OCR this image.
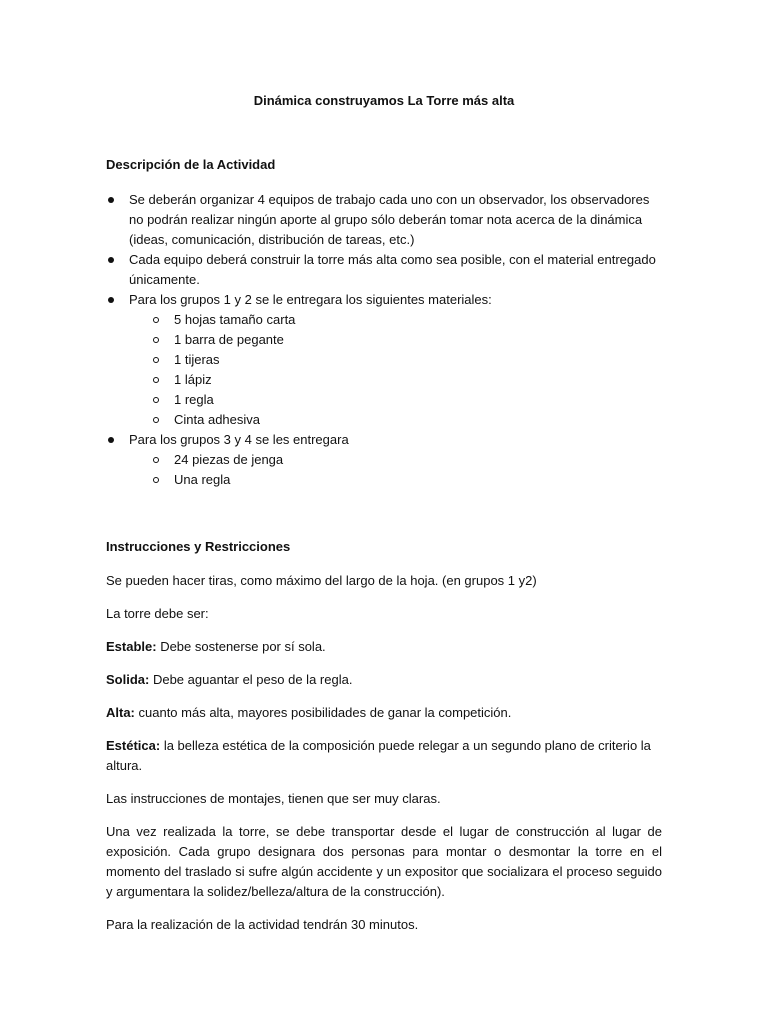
Dinámica construyamos La Torre más alta
Descripción de la Actividad
Se deberán organizar 4 equipos de trabajo cada uno con un observador, los observadores no podrán realizar ningún aporte al grupo sólo deberán tomar nota acerca de la dinámica (ideas, comunicación, distribución de tareas, etc.)
Cada equipo deberá construir la torre más alta como sea posible, con el material entregado únicamente.
Para los grupos 1 y 2 se le entregara los siguientes materiales:
5 hojas tamaño carta
1 barra de pegante
1 tijeras
1 lápiz
1 regla
Cinta adhesiva
Para los grupos 3 y 4 se les entregara
24 piezas de jenga
Una regla
Instrucciones y Restricciones
Se pueden hacer tiras, como máximo del largo de la hoja. (en grupos 1 y2)
La torre debe ser:
Estable: Debe sostenerse por sí sola.
Solida: Debe aguantar el peso de la regla.
Alta: cuanto más alta, mayores posibilidades de ganar la competición.
Estética: la belleza estética de la composición puede relegar a un segundo plano de criterio la altura.
Las instrucciones de montajes, tienen que ser muy claras.
Una vez realizada la torre, se debe transportar desde el lugar de construcción al lugar de exposición. Cada grupo designara dos personas para montar o desmontar la torre en el momento del traslado si sufre algún accidente y un expositor que socializara el proceso seguido y argumentara la solidez/belleza/altura de la construcción).
Para la realización de la actividad tendrán 30 minutos.
